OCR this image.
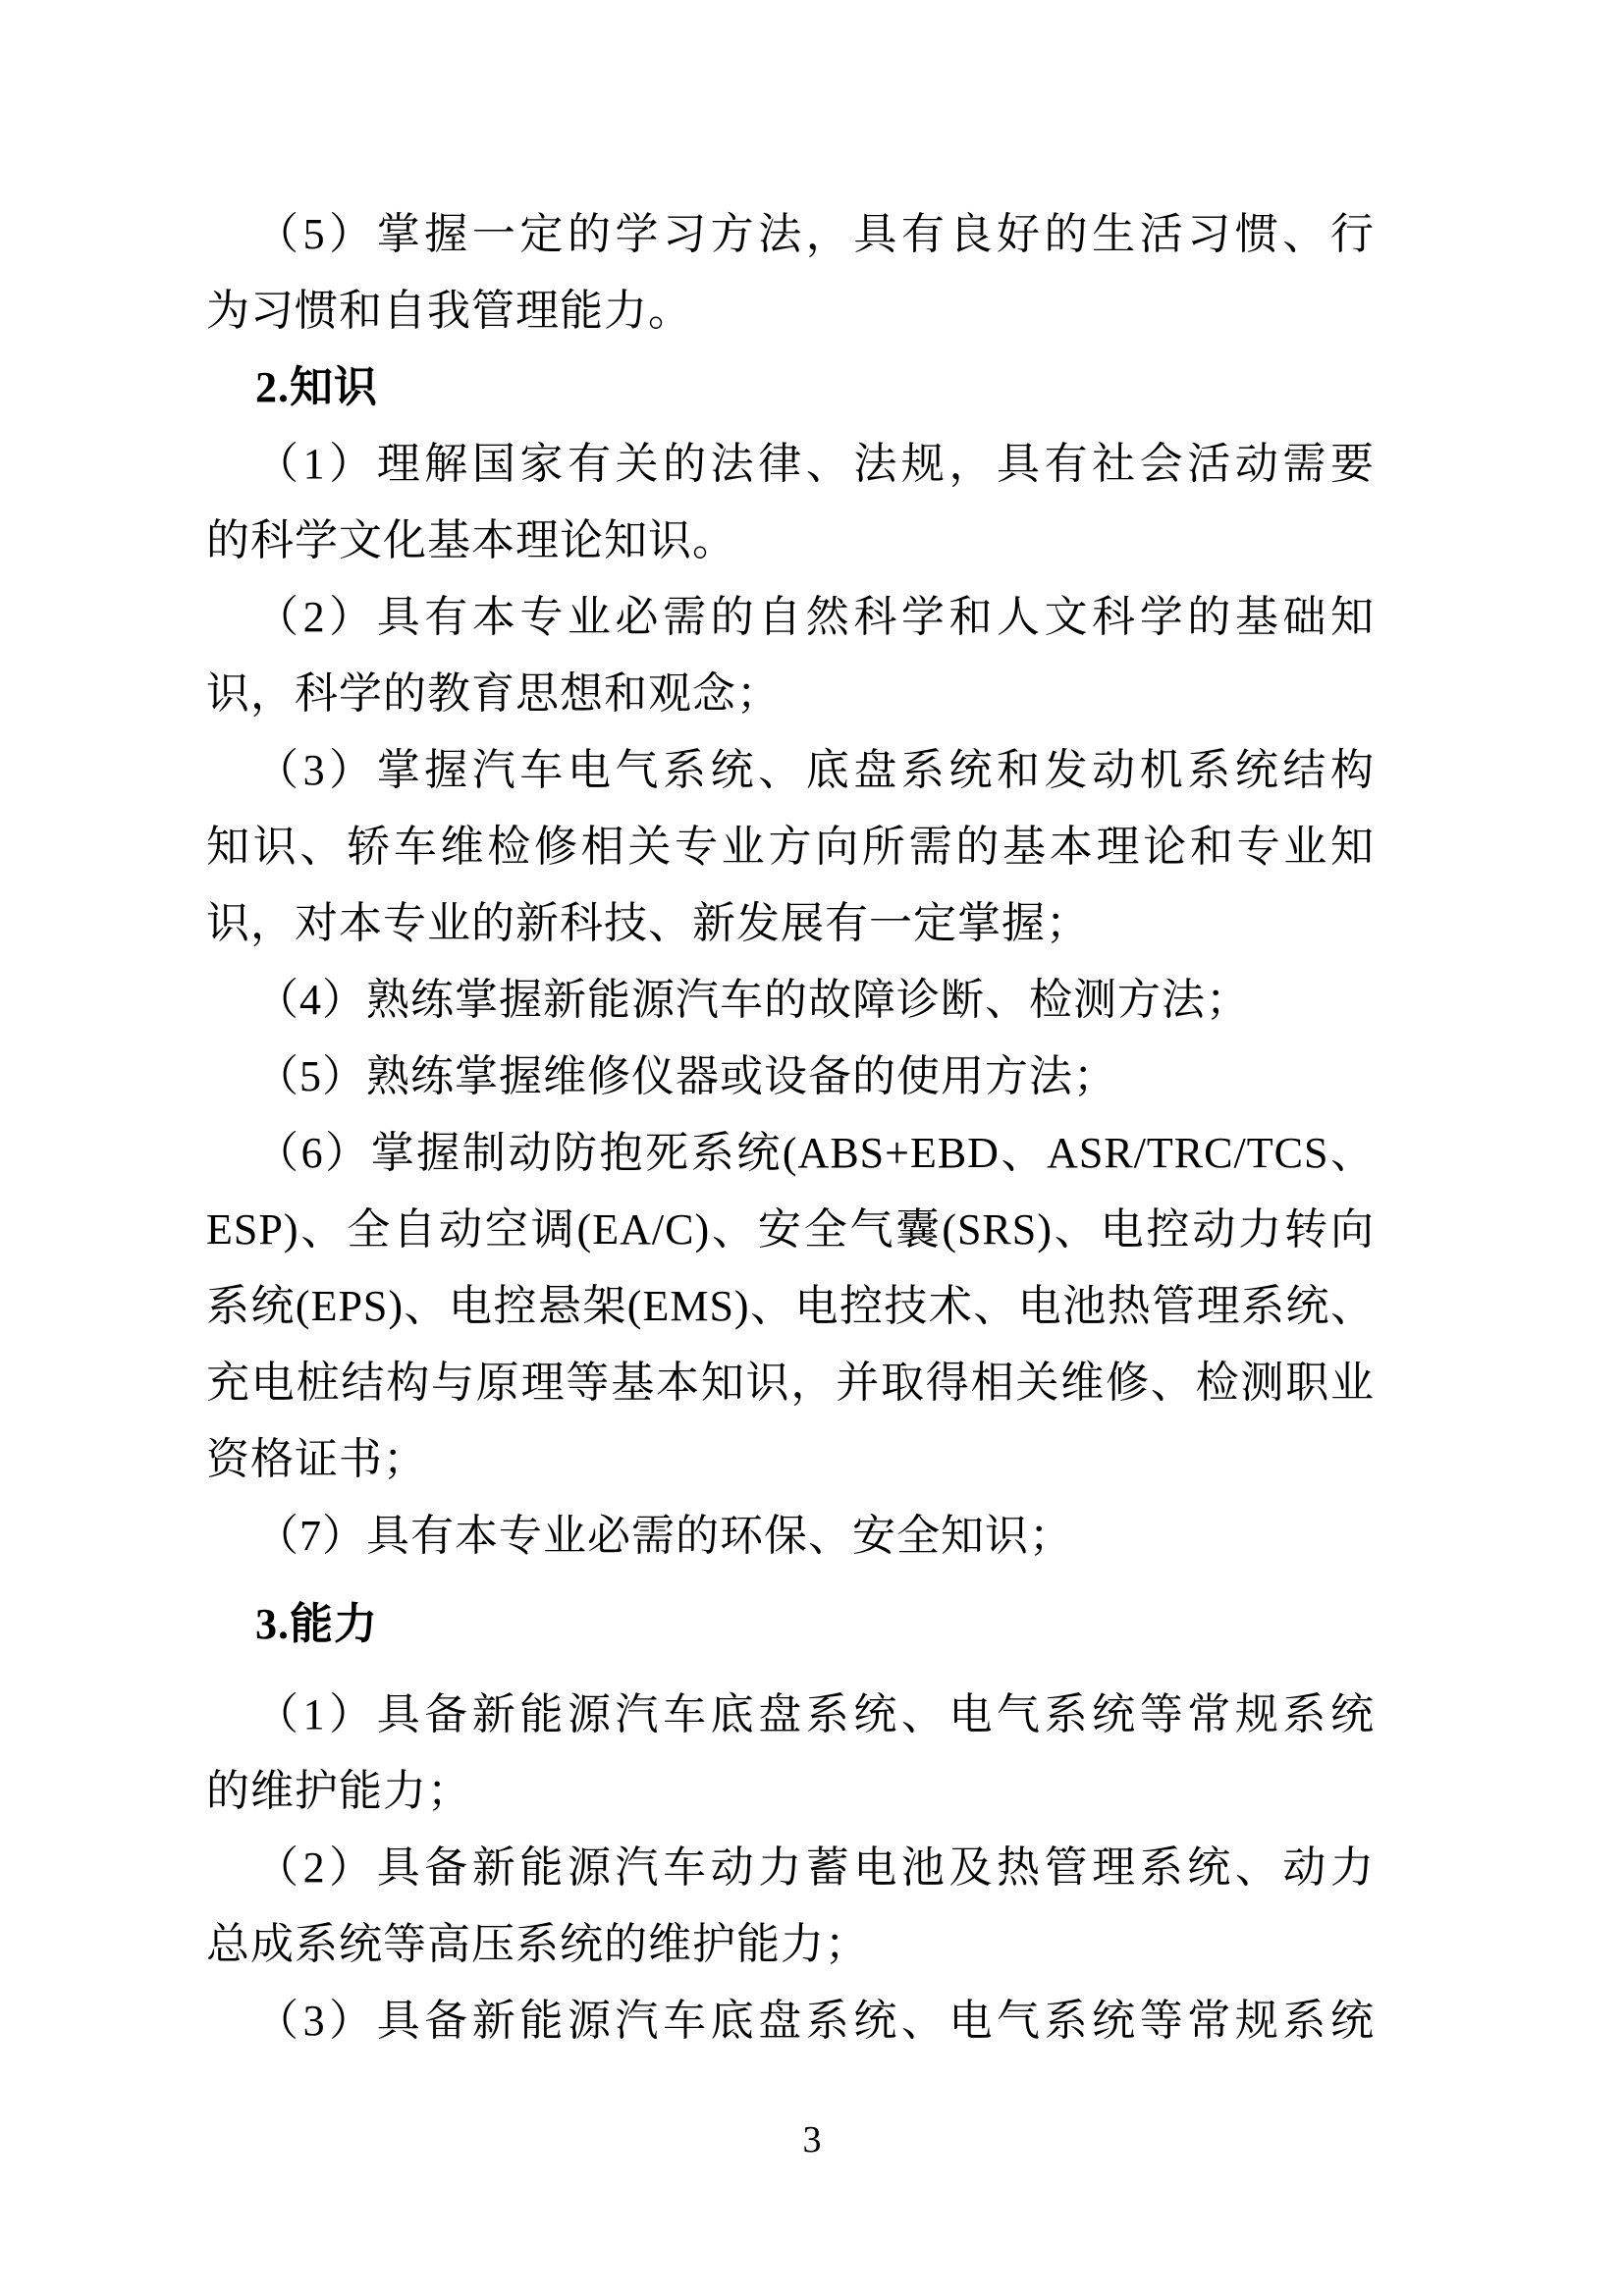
（5）掌握一定的学习方法，具有良好的生活习惯、行
为习惯和自我管理能力。
2.知识
（1）理解国家有关的法律、法规，具有社会活动需要
的科学文化基本理论知识。
（2）具有本专业必需的自然科学和人文科学的基础知
识，科学的教育思想和观念；
（3）掌握汽车电气系统、底盘系统和发动机系统结构
知识、轿车维检修相关专业方向所需的基本理论和专业知
识，对本专业的新科技、新发展有一定掌握；
（4）熟练掌握新能源汽车的故障诊断、检测方法；
（5）熟练掌握维修仪器或设备的使用方法；
（6）掌握制动防抱死系统(ABS+EBD、ASR/TRC/TCS、
ESP)、全自动空调(EA/C)、安全气囊(SRS)、电控动力转向
系统(EPS)、电控悬架(EMS)、电控技术、电池热管理系统、
充电桩结构与原理等基本知识，并取得相关维修、检测职业
资格证书；
（7）具有本专业必需的环保、安全知识；
3.能力
（1）具备新能源汽车底盘系统、电气系统等常规系统
的维护能力；
（2）具备新能源汽车动力蓄电池及热管理系统、动力
总成系统等高压系统的维护能力；
（3）具备新能源汽车底盘系统、电气系统等常规系统
3
